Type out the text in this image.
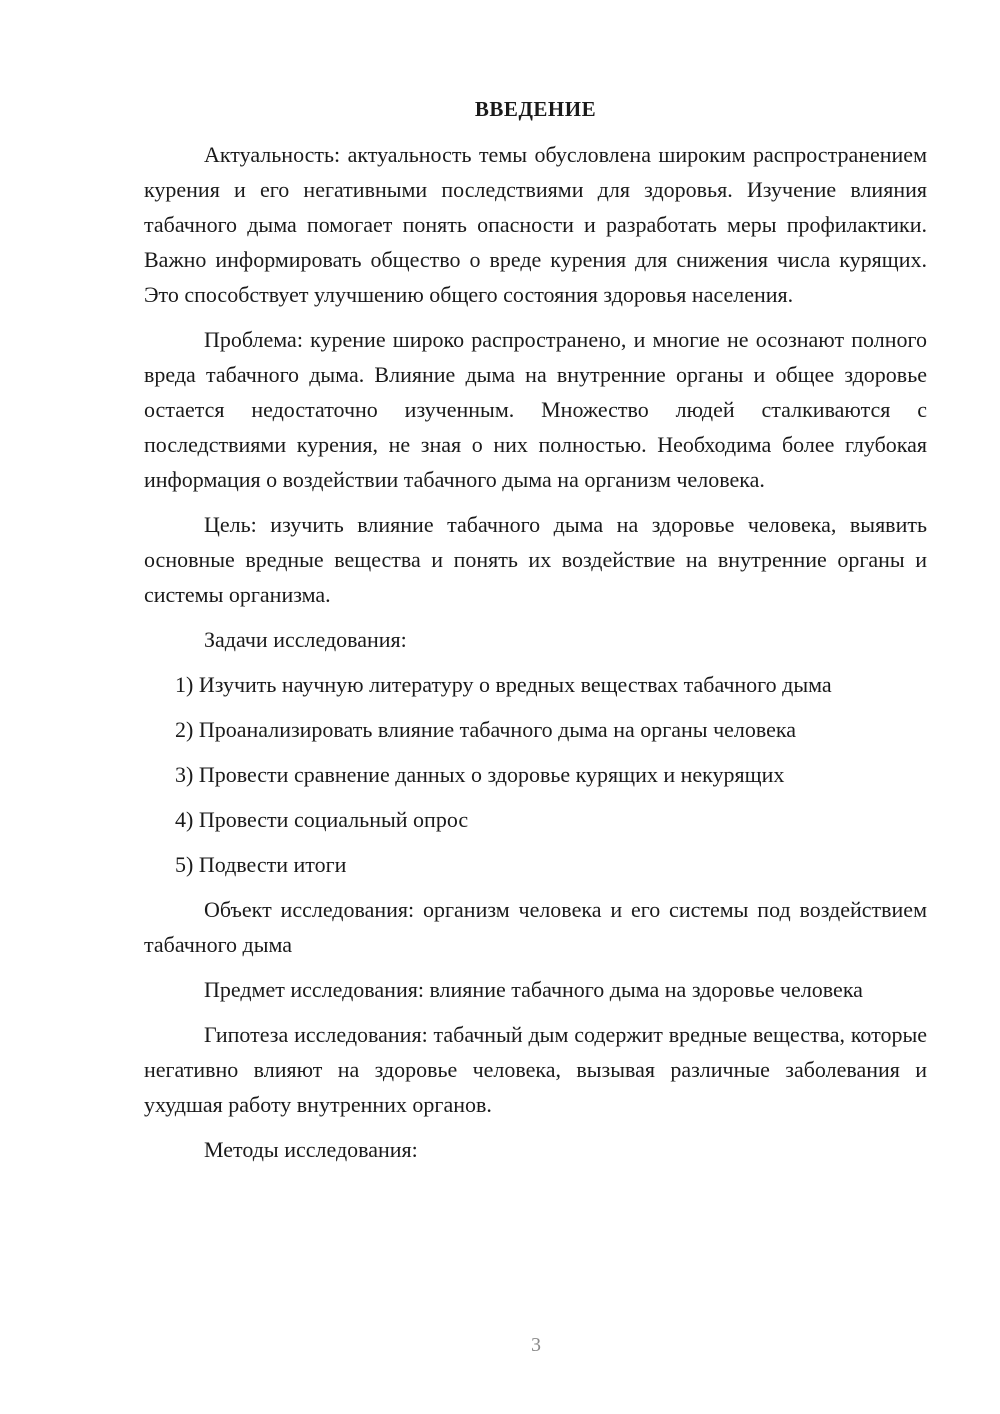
ВВЕДЕНИЕ

Актуальность: актуальность темы обусловлена широким распространением курения и его негативными последствиями для здоровья. Изучение влияния табачного дыма помогает понять опасности и разработать меры профилактики. Важно информировать общество о вреде курения для снижения числа курящих. Это способствует улучшению общего состояния здоровья населения.

Проблема: курение широко распространено, и многие не осознают полного вреда табачного дыма. Влияние дыма на внутренние органы и общее здоровье остается недостаточно изученным. Множество людей сталкиваются с последствиями курения, не зная о них полностью. Необходима более глубокая информация о воздействии табачного дыма на организм человека.

Цель: изучить влияние табачного дыма на здоровье человека, выявить основные вредные вещества и понять их воздействие на внутренние органы и системы организма.

Задачи исследования:

1) Изучить научную литературу о вредных веществах табачного дыма
2) Проанализировать влияние табачного дыма на органы человека
3) Провести сравнение данных о здоровье курящих и некурящих
4) Провести социальный опрос
5) Подвести итоги

Объект исследования: организм человека и его системы под воздействием табачного дыма

Предмет исследования: влияние табачного дыма на здоровье человека

Гипотеза исследования: табачный дым содержит вредные вещества, которые негативно влияют на здоровье человека, вызывая различные заболевания и ухудшая работу внутренних органов.

Методы исследования:

3
